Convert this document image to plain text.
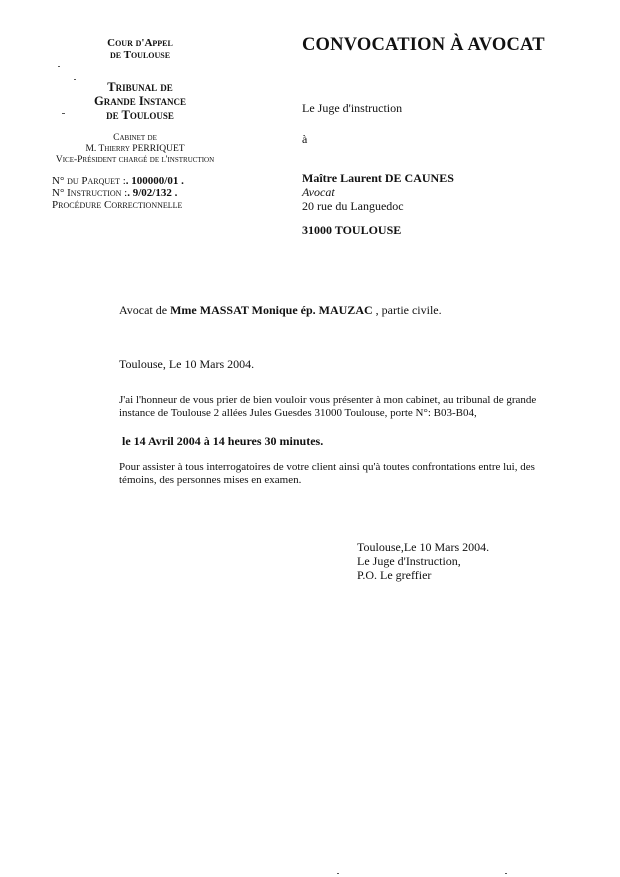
Cour d'Appel
de Toulouse
Tribunal de
Grande Instance
de Toulouse
Cabinet de
M. Thierry PERRIQUET
Vice-Président chargé de l'instruction
N° du Parquet :. 100000/01 .
N° Instruction :. 9/02/132 .
Procédure Correctionnelle
CONVOCATION À AVOCAT
Le Juge d'instruction
à
Maître Laurent DE CAUNES
Avocat
20 rue du Languedoc
31000 TOULOUSE
Avocat de Mme MASSAT Monique ép. MAUZAC , partie civile.
Toulouse, Le 10 Mars 2004.
J'ai l'honneur de vous prier de bien vouloir vous présenter à mon cabinet, au tribunal de grande
instance de Toulouse 2 allées Jules Guesdes 31000 Toulouse, porte N°: B03-B04,
le 14 Avril 2004 à 14 heures 30 minutes.
Pour assister à tous interrogatoires de votre client ainsi qu'à toutes confrontations entre lui, des
témoins, des personnes mises en examen.
Toulouse,Le 10 Mars 2004.
Le Juge d'Instruction,
P.O. Le greffier
